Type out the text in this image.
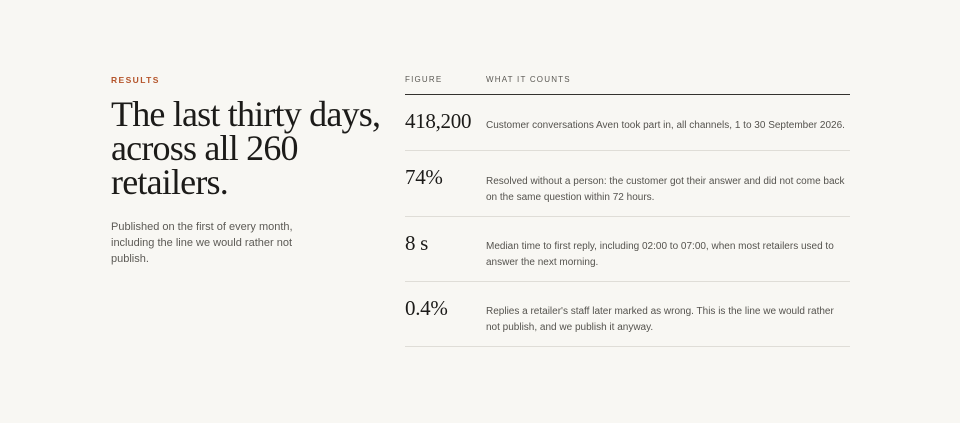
RESULTS
The last thirty days, across all 260 retailers.

Published on the first of every month, including the line we would rather not publish.

FIGURE	WHAT IT COUNTS
418,200	Customer conversations Aven took part in, all channels, 1 to 30 September 2026.
74%	Resolved without a person: the customer got their answer and did not come back on the same question within 72 hours.
8 s	Median time to first reply, including 02:00 to 07:00, when most retailers used to answer the next morning.
0.4%	Replies a retailer's staff later marked as wrong. This is the line we would rather not publish, and we publish it anyway.
